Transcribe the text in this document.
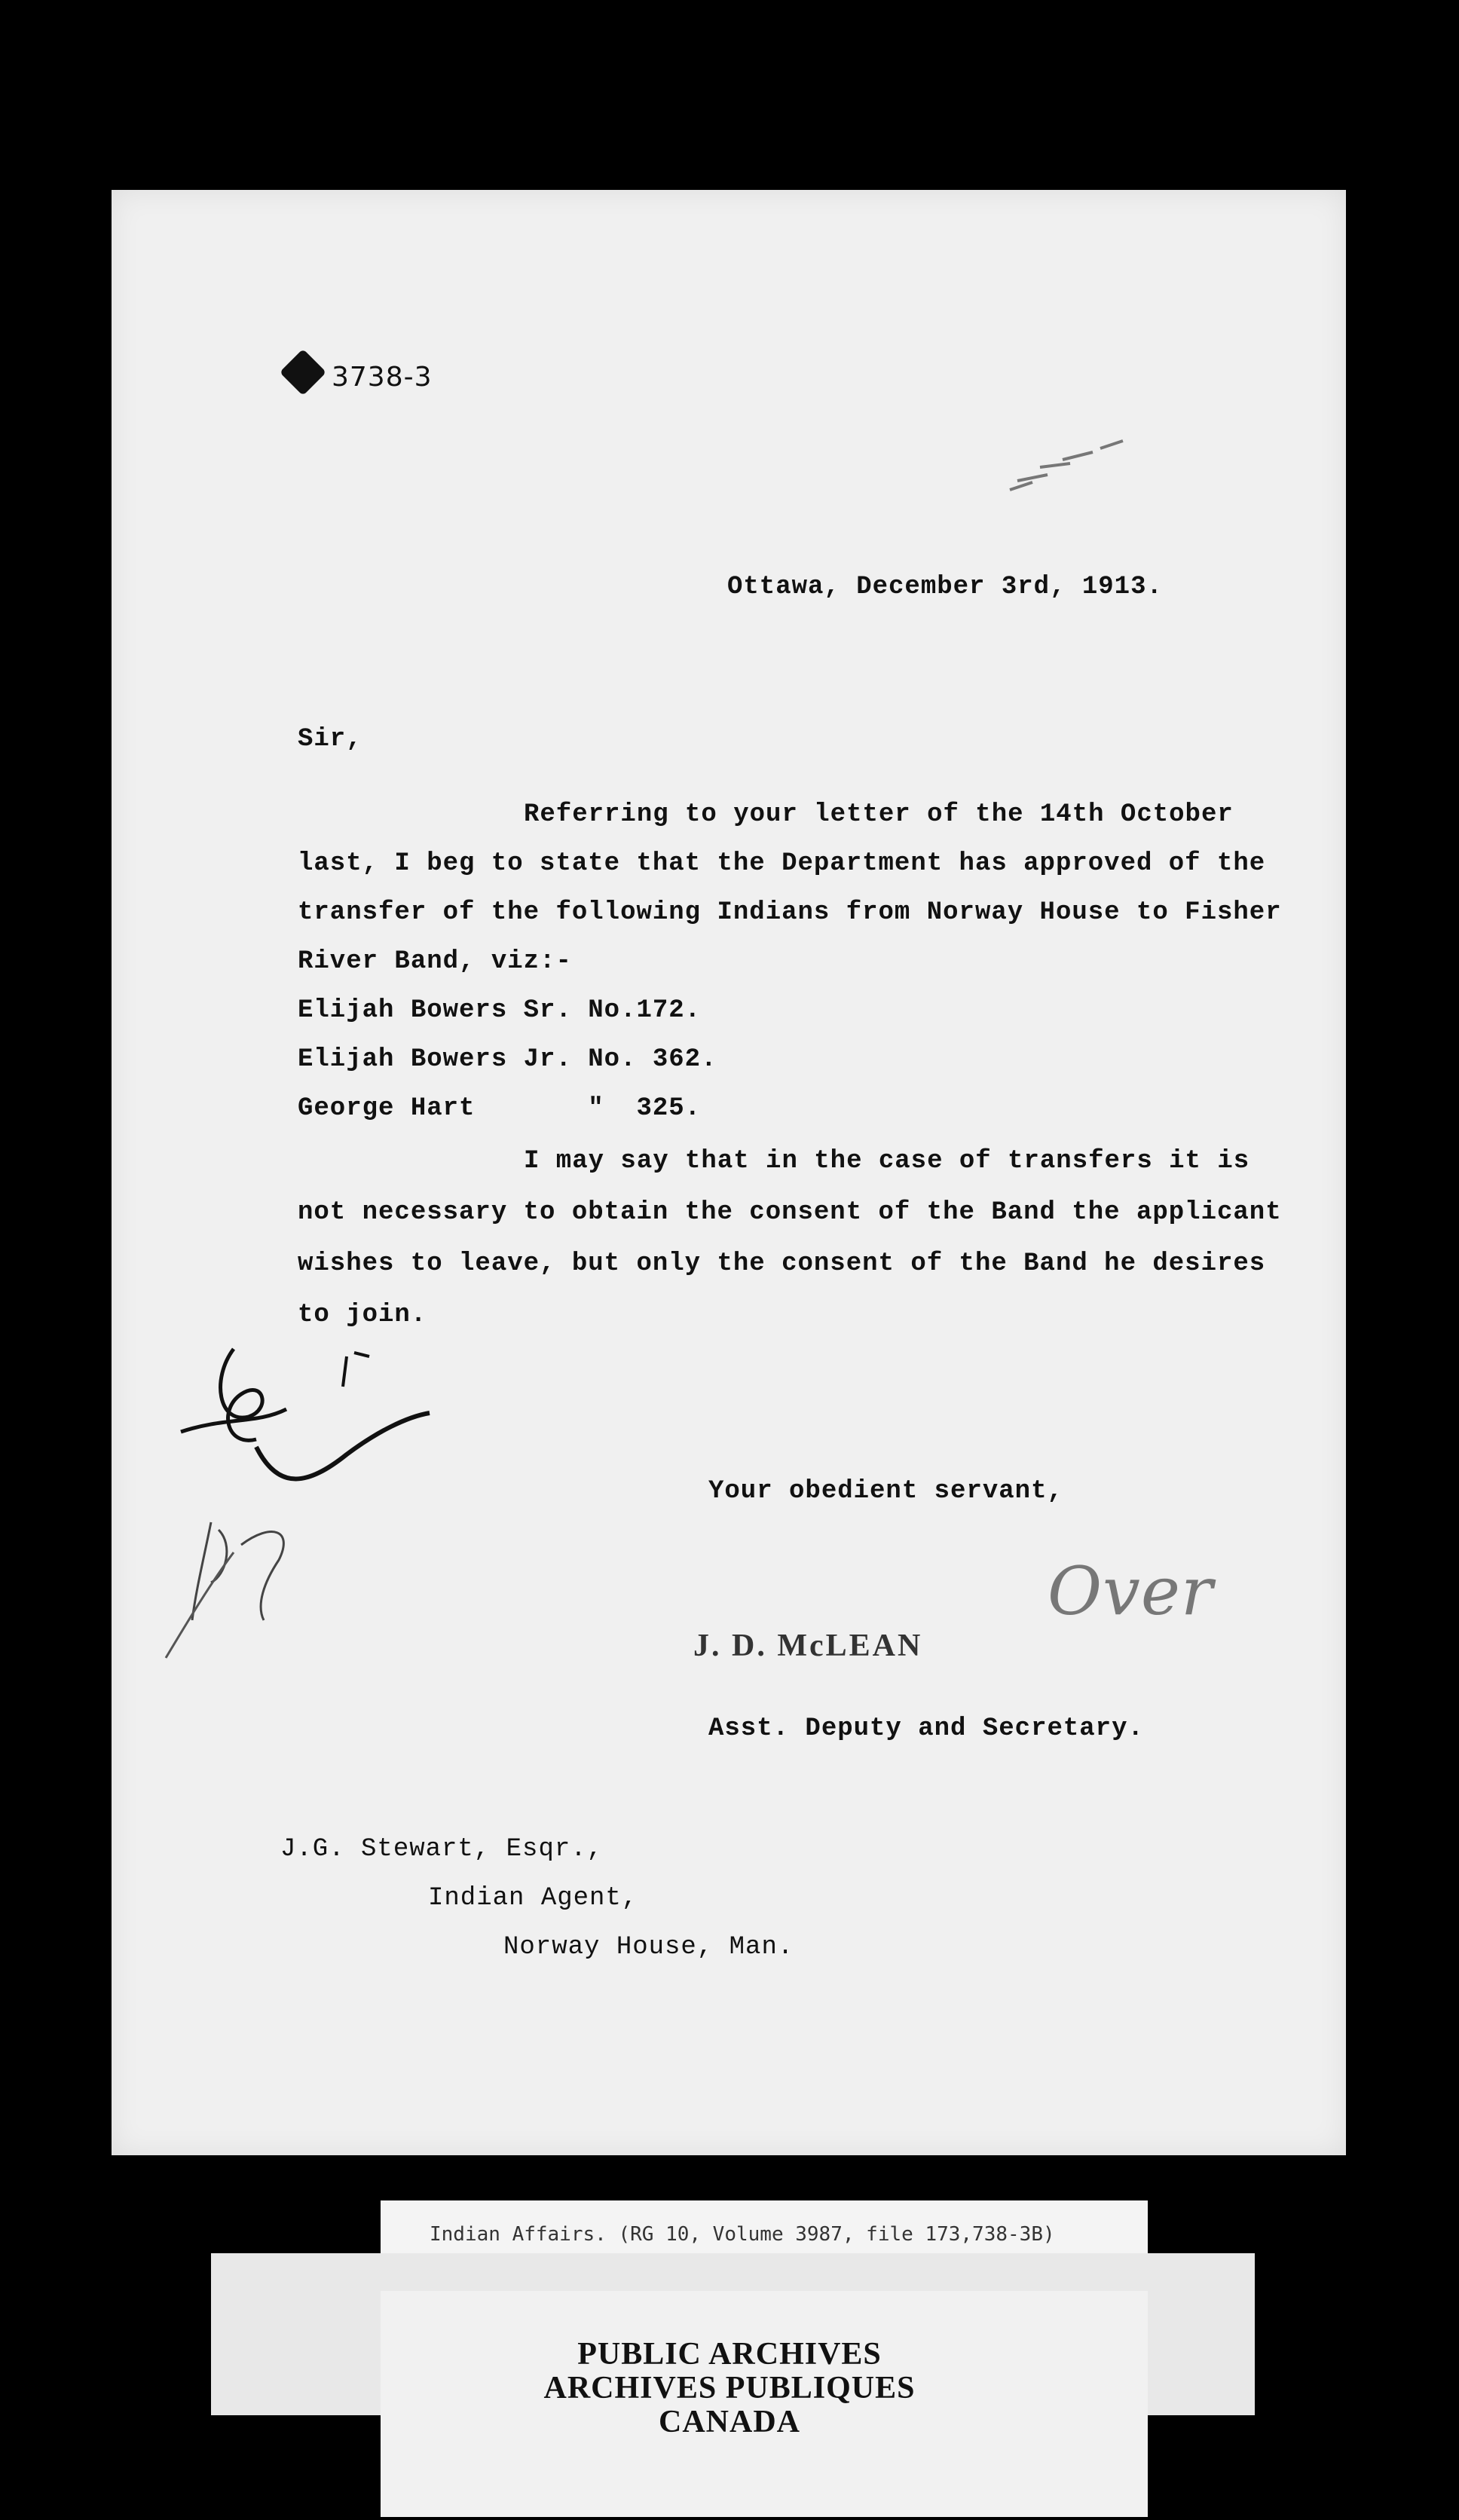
3738-3
Ottawa, December 3rd, 1913.
Sir,
Referring to your letter of the 14th October
last, I beg to state that the Department has approved of the
transfer of the following Indians from Norway House to Fisher
River Band, viz:-
Elijah Bowers Sr. No.172.
Elijah Bowers Jr. No. 362.
George Hart       "  325.
I may say that in the case of transfers it is
not necessary to obtain the consent of the Band the applicant
wishes to leave, but only the consent of the Band he desires
to join.
Your obedient servant,
J. D. McLEAN
Over
Asst. Deputy and Secretary.
J.G. Stewart, Esqr.,
Indian Agent,
Norway House, Man.
Indian Affairs. (RG 10, Volume 3987, file 173,738-3B)
PUBLIC ARCHIVES
ARCHIVES PUBLIQUES
CANADA
